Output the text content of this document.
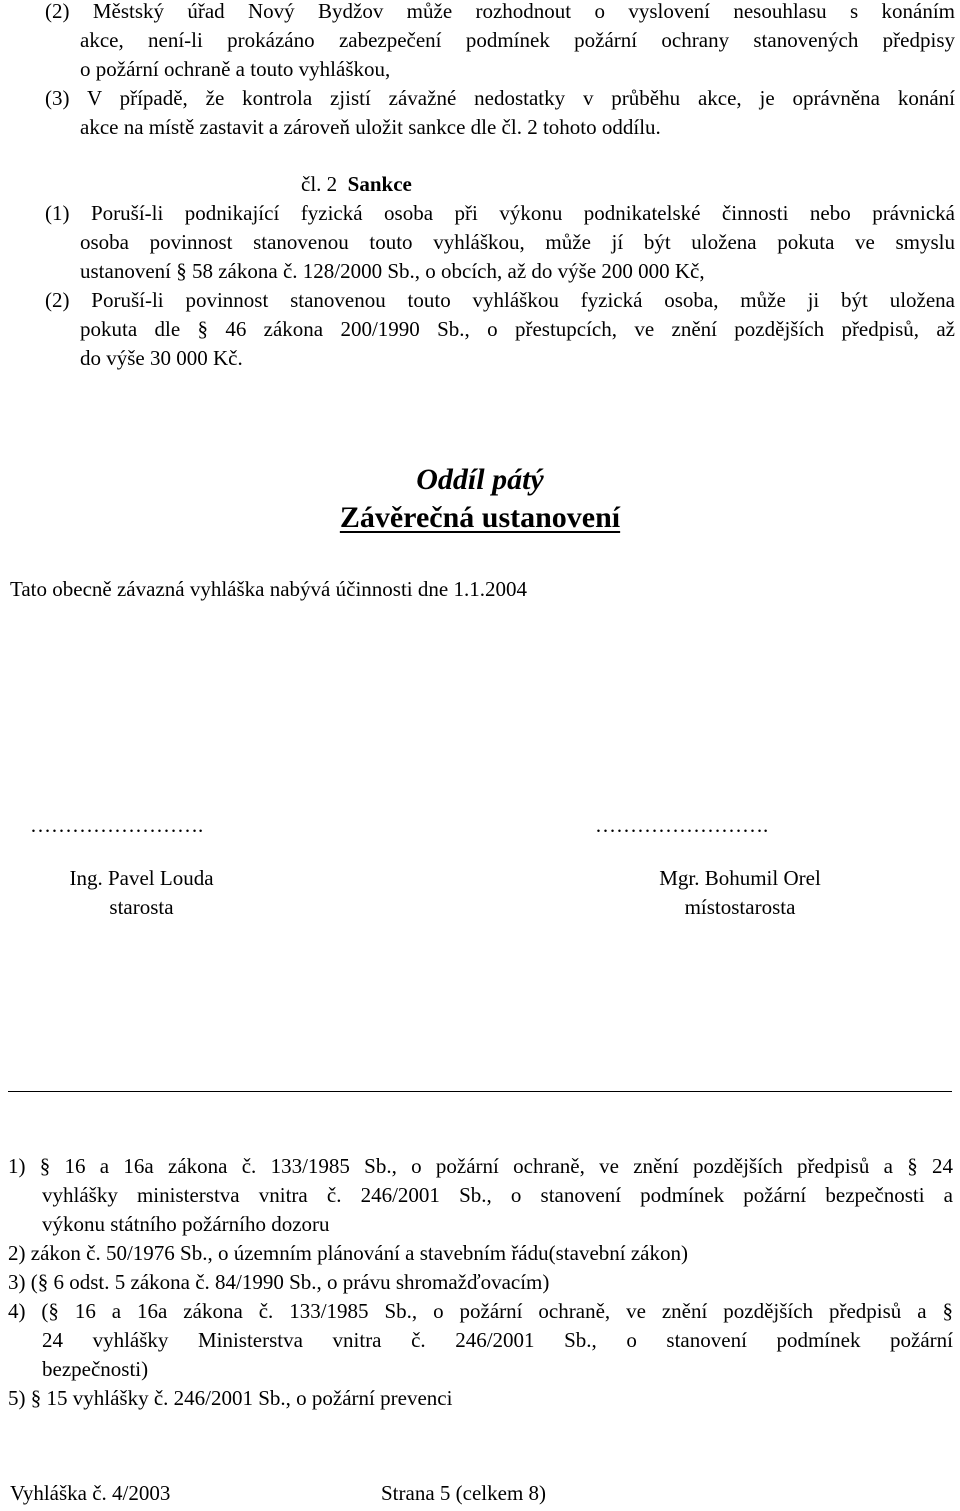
(2) Městský úřad Nový Bydžov může rozhodnout o vyslovení nesouhlasu s konáním
akce, není-li prokázáno zabezpečení podmínek požární ochrany stanovených předpisy
o požární ochraně a touto vyhláškou,
(3) V případě, že kontrola zjistí závažné nedostatky v průběhu akce, je oprávněna konání
akce na místě zastavit a zároveň uložit sankce dle čl. 2 tohoto oddílu.
čl. 2 Sankce
(1) Poruší-li podnikající fyzická osoba při výkonu podnikatelské činnosti nebo právnická
osoba povinnost stanovenou touto vyhláškou, může jí být uložena pokuta ve smyslu
ustanovení § 58 zákona č. 128/2000 Sb., o obcích, až do výše 200 000 Kč,
(2) Poruší-li povinnost stanovenou touto vyhláškou fyzická osoba, může ji být uložena
pokuta dle § 46 zákona 200/1990 Sb., o přestupcích, ve znění pozdějších předpisů, až
do výše 30 000 Kč.
Oddíl pátý
Závěrečná ustanovení
Tato obecně závazná vyhláška nabývá účinnosti dne 1.1.2004
…………………….	…………………….
Ing. Pavel Louda
starosta
Mgr. Bohumil Orel
místostarosta
1) § 16 a 16a zákona č. 133/1985 Sb., o požární ochraně, ve znění pozdějších předpisů a § 24
vyhlášky ministerstva vnitra č. 246/2001 Sb., o stanovení podmínek požární bezpečnosti a
výkonu státního požárního dozoru
2) zákon č. 50/1976 Sb., o územním plánování a stavebním řádu(stavební zákon)
3) (§ 6 odst. 5 zákona č. 84/1990 Sb., o právu shromažďovacím)
4) (§ 16 a 16a zákona č. 133/1985 Sb., o požární ochraně, ve znění pozdějších předpisů a §
24 vyhlášky Ministerstva vnitra č. 246/2001 Sb., o stanovení podmínek požární
bezpečnosti)
5) § 15 vyhlášky č. 246/2001 Sb., o požární prevenci
Vyhláška č. 4/2003	Strana 5 (celkem 8)
